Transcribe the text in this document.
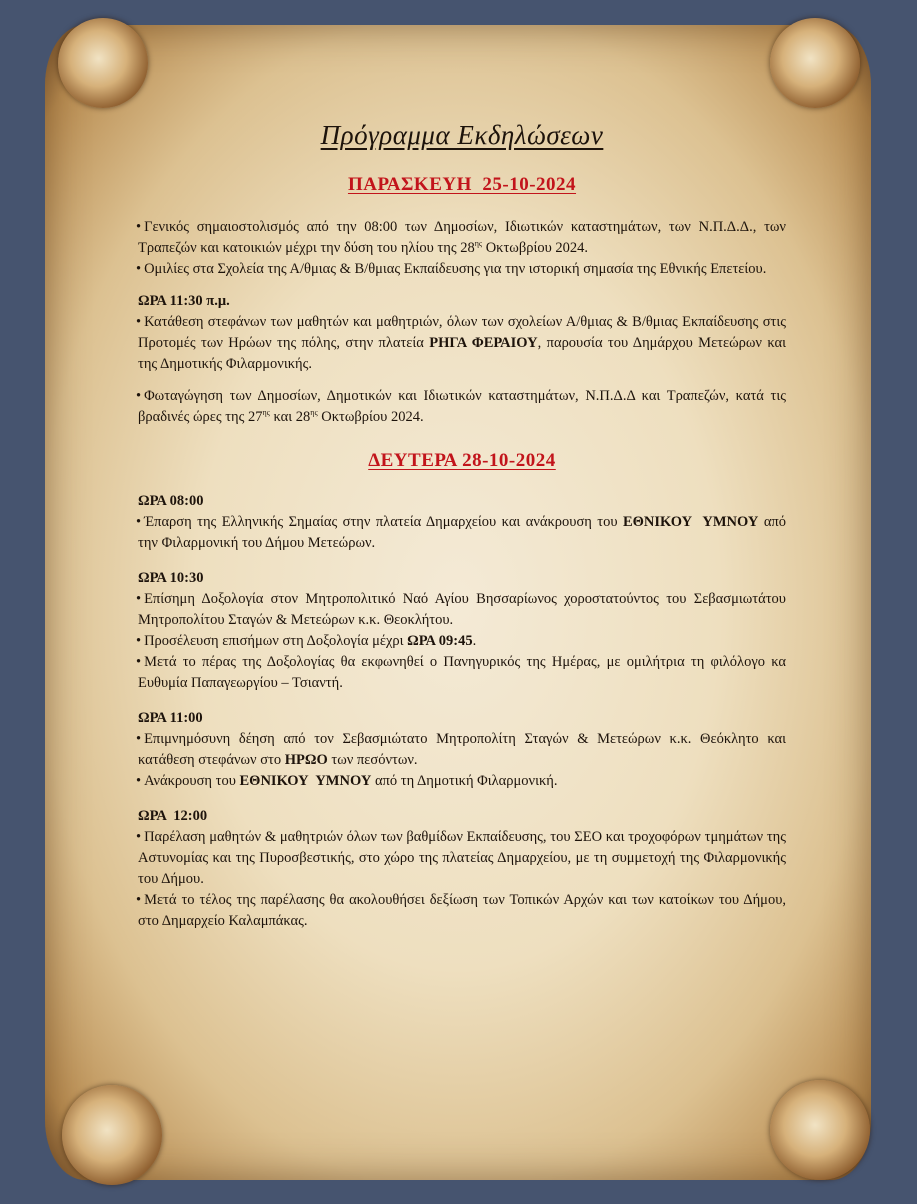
Πρόγραμμα Εκδηλώσεων
ΠΑΡΑΣΚΕΥΗ  25-10-2024

• Γενικός σημαιοστολισμός από την 08:00 των Δημοσίων, Ιδιωτικών καταστημάτων, των Ν.Π.Δ.Δ., των Τραπεζών και κατοικιών μέχρι την δύση του ηλίου της $28^{\eta\varsigma}$ Οκτωβρίου 2024.

• Ομιλίες στα Σχολεία της Α/θμιας & Β/θμιας Εκπαίδευσης για την ιστορική σημασία της Εθνικής Επετείου.

ΩΡΑ 11:30 π.μ.

• Κατάθεση στεφάνων των μαθητών και μαθητριών, όλων των σχολείων Α/θμιας & Β/θμιας Εκπαίδευσης στις Προτομές των Ηρώων της πόλης, στην πλατεία ΡΗΓΑ ΦΕΡΑΙΟΥ, παρουσία του Δημάρχου Μετεώρων και της Δημοτικής Φιλαρμονικής.

• Φωταγώγηση των Δημοσίων, Δημοτικών και Ιδιωτικών καταστημάτων, Ν.Π.Δ.Δ και Τραπεζών, κατά τις βραδινές ώρες της $27^{\eta\varsigma}$ και $28^{\eta\varsigma}$ Οκτωβρίου 2024.

ΔΕΥΤΕΡΑ 28-10-2024

ΩΡΑ 08:00

• Έπαρση της Ελληνικής Σημαίας στην πλατεία Δημαρχείου και ανάκρουση του ΕΘΝΙΚΟΥ  ΥΜΝΟΥ από την Φιλαρμονική του Δήμου Μετεώρων.

ΩΡΑ 10:30

• Επίσημη Δοξολογία στον Μητροπολιτικό Ναό Αγίου Βησσαρίωνος χοροστατούντος του Σεβασμιωτάτου Μητροπολίτου Σταγών & Μετεώρων κ.κ. Θεοκλήτου.

• Προσέλευση επισήμων στη Δοξολογία μέχρι ΩΡΑ 09:45.

• Μετά το πέρας της Δοξολογίας θα εκφωνηθεί ο Πανηγυρικός της Ημέρας, με ομιλήτρια τη φιλόλογο κα Ευθυμία Παπαγεωργίου – Τσιαντή.

ΩΡΑ 11:00

• Επιμνημόσυνη δέηση από τον Σεβασμιώτατο Μητροπολίτη Σταγών & Μετεώρων κ.κ. Θεόκλητο και κατάθεση στεφάνων στο ΗΡΩΟ των πεσόντων.

• Ανάκρουση του ΕΘΝΙΚΟΥ  ΥΜΝΟΥ από τη Δημοτική Φιλαρμονική.

ΩΡΑ  12:00

• Παρέλαση μαθητών & μαθητριών όλων των βαθμίδων Εκπαίδευσης, του ΣΕΟ και τροχοφόρων τμημάτων της Αστυνομίας και της Πυροσβεστικής, στο χώρο της πλατείας Δημαρχείου, με τη συμμετοχή της Φιλαρμονικής του Δήμου.

• Μετά το τέλος της παρέλασης θα ακολουθήσει δεξίωση των Τοπικών Αρχών και των κατοίκων του Δήμου, στο Δημαρχείο Καλαμπάκας.
